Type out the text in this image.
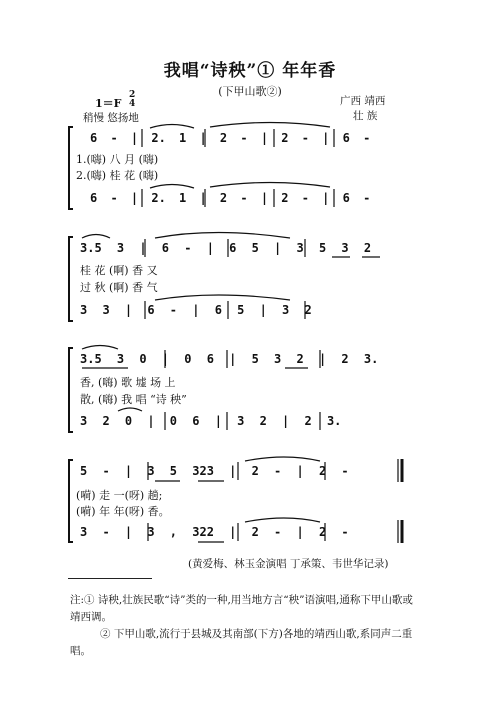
我唱“诗秧”① 年年香
(下甲山歌②)
广西 靖西
壮 族
1＝F
2
4
稍慢 悠扬地
6 - | 2. 1 | 2 - | 2 - | 6 -
1.(嗨) 八 月 (嗨)
2.(嗨) 桂 花 (嗨)
6 - | 2. 1 | 2 - | 2 - | 6 -
3.5 3 | 6 - | 6 5 | 3 5 3 2
桂 花 (啊) 香 又
过 秋 (啊) 香 气
3 3 | 6 - | 6 5 | 3 2
3.5 3 0 | 0 6 | 5 3 2 | 2 3.
香, (嗨) 歌 墟 场 上
散, (嗨) 我 唱 “诗 秧”
3 2 0 | 0 6 | 3 2 | 2 3.
5 - | 3 5 323 | 2 - | 2 -
(嗬) 走 一(呀) 趟;
(嗬) 年 年(呀) 香。
3 - | 3 , 322 | 2 - | 2 -
(黄爱梅、林玉金演唱 丁承策、韦世华记录)
注:① 诗秧,壮族民歌“诗”类的一种,用当地方言“秧”语演唱,通称下甲山歌或靖西调。
② 下甲山歌,流行于县城及其南部(下方)各地的靖西山歌,系同声二重唱。
